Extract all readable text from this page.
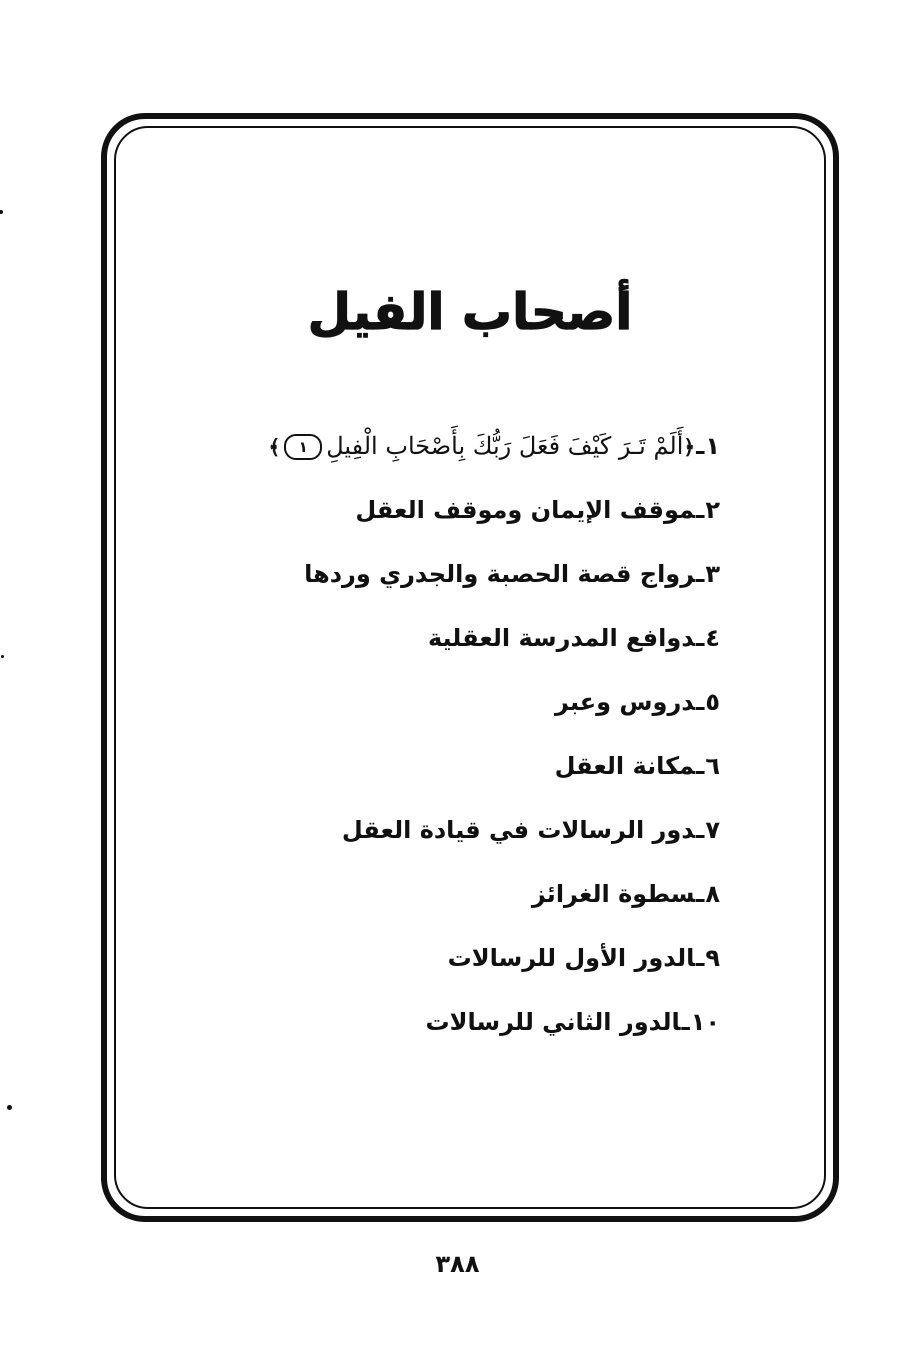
أصحاب الفيل
١ـ﴿أَلَمْ تَـرَ كَيْفَ فَعَلَ رَبُّكَ بِأَصْحَابِ الْفِيلِ١﴾
٢ـموقف الإيمان وموقف العقل
٣ـرواج قصة الحصبة والجدري وردها
٤ـدوافع المدرسة العقلية
٥ـدروس وعبر
٦ـمكانة العقل
٧ـدور الرسالات في قيادة العقل
٨ـسطوة الغرائز
٩ـالدور الأول للرسالات
١٠ـالدور الثاني للرسالات
٣٨٨
